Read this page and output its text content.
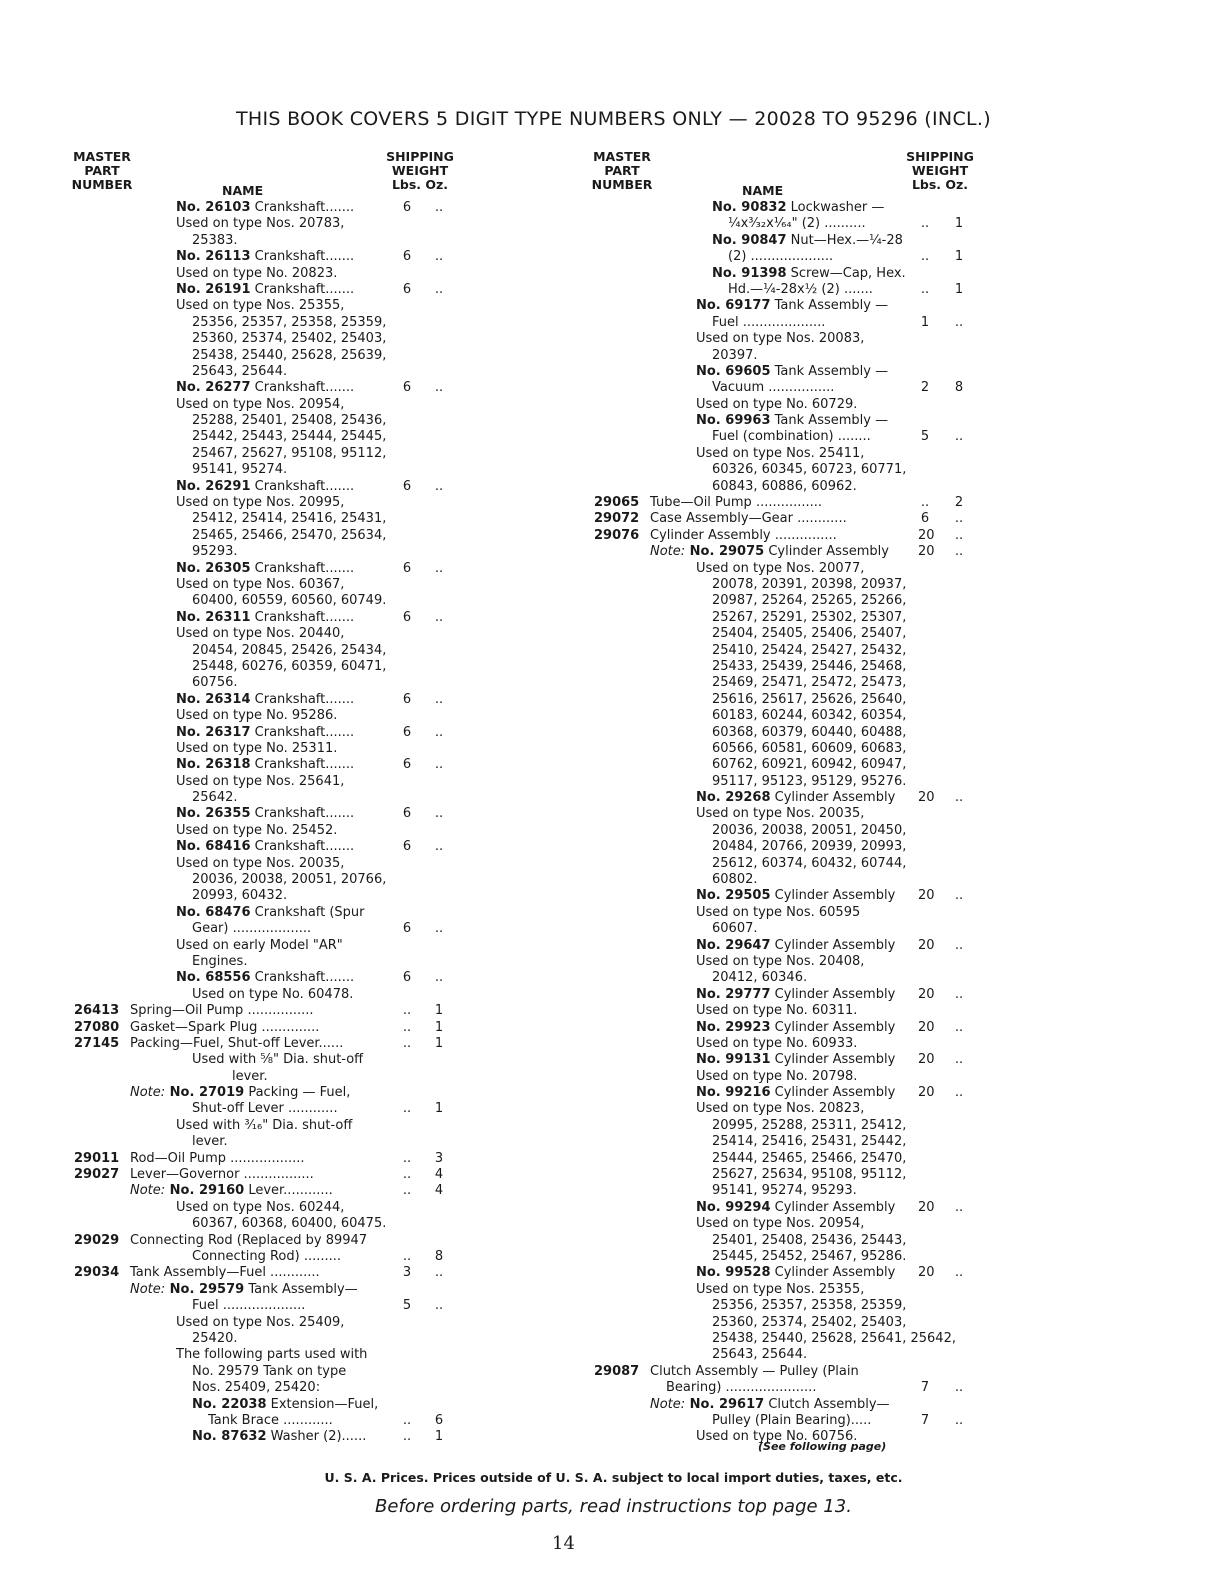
THIS BOOK COVERS 5 DIGIT TYPE NUMBERS ONLY — 20028 TO 95296 (INCL.)
MASTER
PART
NUMBER	NAME
SHIPPING
WEIGHT
Lbs. Oz.
No. 26103 Crankshaft.......	6 ..
Used on type Nos. 20783,
25383.
No. 26113 Crankshaft.......	6 ..
Used on type No. 20823.
No. 26191 Crankshaft.......	6 ..
Used on type Nos. 25355,
25356, 25357, 25358, 25359,
25360, 25374, 25402, 25403,
25438, 25440, 25628, 25639,
25643, 25644.
No. 26277 Crankshaft.......	6 ..
Used on type Nos. 20954,
25288, 25401, 25408, 25436,
25442, 25443, 25444, 25445,
25467, 25627, 95108, 95112,
95141, 95274.
No. 26291 Crankshaft.......	6 ..
Used on type Nos. 20995,
25412, 25414, 25416, 25431,
25465, 25466, 25470, 25634,
95293.
No. 26305 Crankshaft.......	6 ..
Used on type Nos. 60367,
60400, 60559, 60560, 60749.
No. 26311 Crankshaft.......	6 ..
Used on type Nos. 20440,
20454, 20845, 25426, 25434,
25448, 60276, 60359, 60471,
60756.
No. 26314 Crankshaft.......	6 ..
Used on type No. 95286.
No. 26317 Crankshaft.......	6 ..
Used on type No. 25311.
No. 26318 Crankshaft.......	6 ..
Used on type Nos. 25641,
25642.
No. 26355 Crankshaft.......	6 ..
Used on type No. 25452.
No. 68416 Crankshaft.......	6 ..
Used on type Nos. 20035,
20036, 20038, 20051, 20766,
20993, 60432.
No. 68476 Crankshaft (Spur
Gear) ...................	6 ..
Used on early Model "AR"
Engines.
No. 68556 Crankshaft.......	6 ..
Used on type No. 60478.
26413 Spring—Oil Pump ................	.. 1
27080 Gasket—Spark Plug ..............	.. 1
27145 Packing—Fuel, Shut-off Lever......	.. 1
Used with ⅝" Dia. shut-off
lever.
Note: No. 27019 Packing — Fuel,
Shut-off Lever ............	.. 1
Used with ³⁄₁₆" Dia. shut-off
lever.
29011 Rod—Oil Pump ..................	.. 3
29027 Lever—Governor .................	.. 4
Note: No. 29160 Lever............	.. 4
Used on type Nos. 60244,
60367, 60368, 60400, 60475.
29029 Connecting Rod (Replaced by 89947
Connecting Rod) .........	.. 8
29034 Tank Assembly—Fuel ............	3 ..
Note: No. 29579 Tank Assembly—
Fuel ....................	5 ..
Used on type Nos. 25409,
25420.
The following parts used with
No. 29579 Tank on type
Nos. 25409, 25420:
No. 22038 Extension—Fuel,
Tank Brace ............	.. 6
No. 87632 Washer (2)......	.. 1
MASTER
PART
NUMBER	NAME
SHIPPING
WEIGHT
Lbs. Oz.
No. 90832 Lockwasher —
¼x³⁄₃₂x¹⁄₆₄" (2) ..........	.. 1
No. 90847 Nut—Hex.—¼-28
(2) ....................	.. 1
No. 91398 Screw—Cap, Hex.
Hd.—¼-28x½ (2) .......	.. 1
No. 69177 Tank Assembly —
Fuel ....................	1 ..
Used on type Nos. 20083,
20397.
No. 69605 Tank Assembly —
Vacuum ................	2 8
Used on type No. 60729.
No. 69963 Tank Assembly —
Fuel (combination) ........	5 ..
Used on type Nos. 25411,
60326, 60345, 60723, 60771,
60843, 60886, 60962.
29065 Tube—Oil Pump ................	.. 2
29072 Case Assembly—Gear ............	6 ..
29076 Cylinder Assembly ...............	20 ..
Note: No. 29075 Cylinder Assembly 20 ..
Used on type Nos. 20077,
20078, 20391, 20398, 20937,
20987, 25264, 25265, 25266,
25267, 25291, 25302, 25307,
25404, 25405, 25406, 25407,
25410, 25424, 25427, 25432,
25433, 25439, 25446, 25468,
25469, 25471, 25472, 25473,
25616, 25617, 25626, 25640,
60183, 60244, 60342, 60354,
60368, 60379, 60440, 60488,
60566, 60581, 60609, 60683,
60762, 60921, 60942, 60947,
95117, 95123, 95129, 95276.
No. 29268 Cylinder Assembly 20 ..
Used on type Nos. 20035,
20036, 20038, 20051, 20450,
20484, 20766, 20939, 20993,
25612, 60374, 60432, 60744,
60802.
No. 29505 Cylinder Assembly 20 ..
Used on type Nos. 60595
60607.
No. 29647 Cylinder Assembly 20 ..
Used on type Nos. 20408,
20412, 60346.
No. 29777 Cylinder Assembly 20 ..
Used on type No. 60311.
No. 29923 Cylinder Assembly 20 ..
Used on type No. 60933.
No. 99131 Cylinder Assembly 20 ..
Used on type No. 20798.
No. 99216 Cylinder Assembly 20 ..
Used on type Nos. 20823,
20995, 25288, 25311, 25412,
25414, 25416, 25431, 25442,
25444, 25465, 25466, 25470,
25627, 25634, 95108, 95112,
95141, 95274, 95293.
No. 99294 Cylinder Assembly 20 ..
Used on type Nos. 20954,
25401, 25408, 25436, 25443,
25445, 25452, 25467, 95286.
No. 99528 Cylinder Assembly 20 ..
Used on type Nos. 25355,
25356, 25357, 25358, 25359,
25360, 25374, 25402, 25403,
25438, 25440, 25628, 25641, 25642,
25643, 25644.
29087 Clutch Assembly — Pulley (Plain
Bearing) ......................	7 ..
Note: No. 29617 Clutch Assembly—
Pulley (Plain Bearing).....	7 ..
Used on type No. 60756.
(See following page)
U. S. A. Prices. Prices outside of U. S. A. subject to local import duties, taxes, etc.
Before ordering parts, read instructions top page 13.
14
